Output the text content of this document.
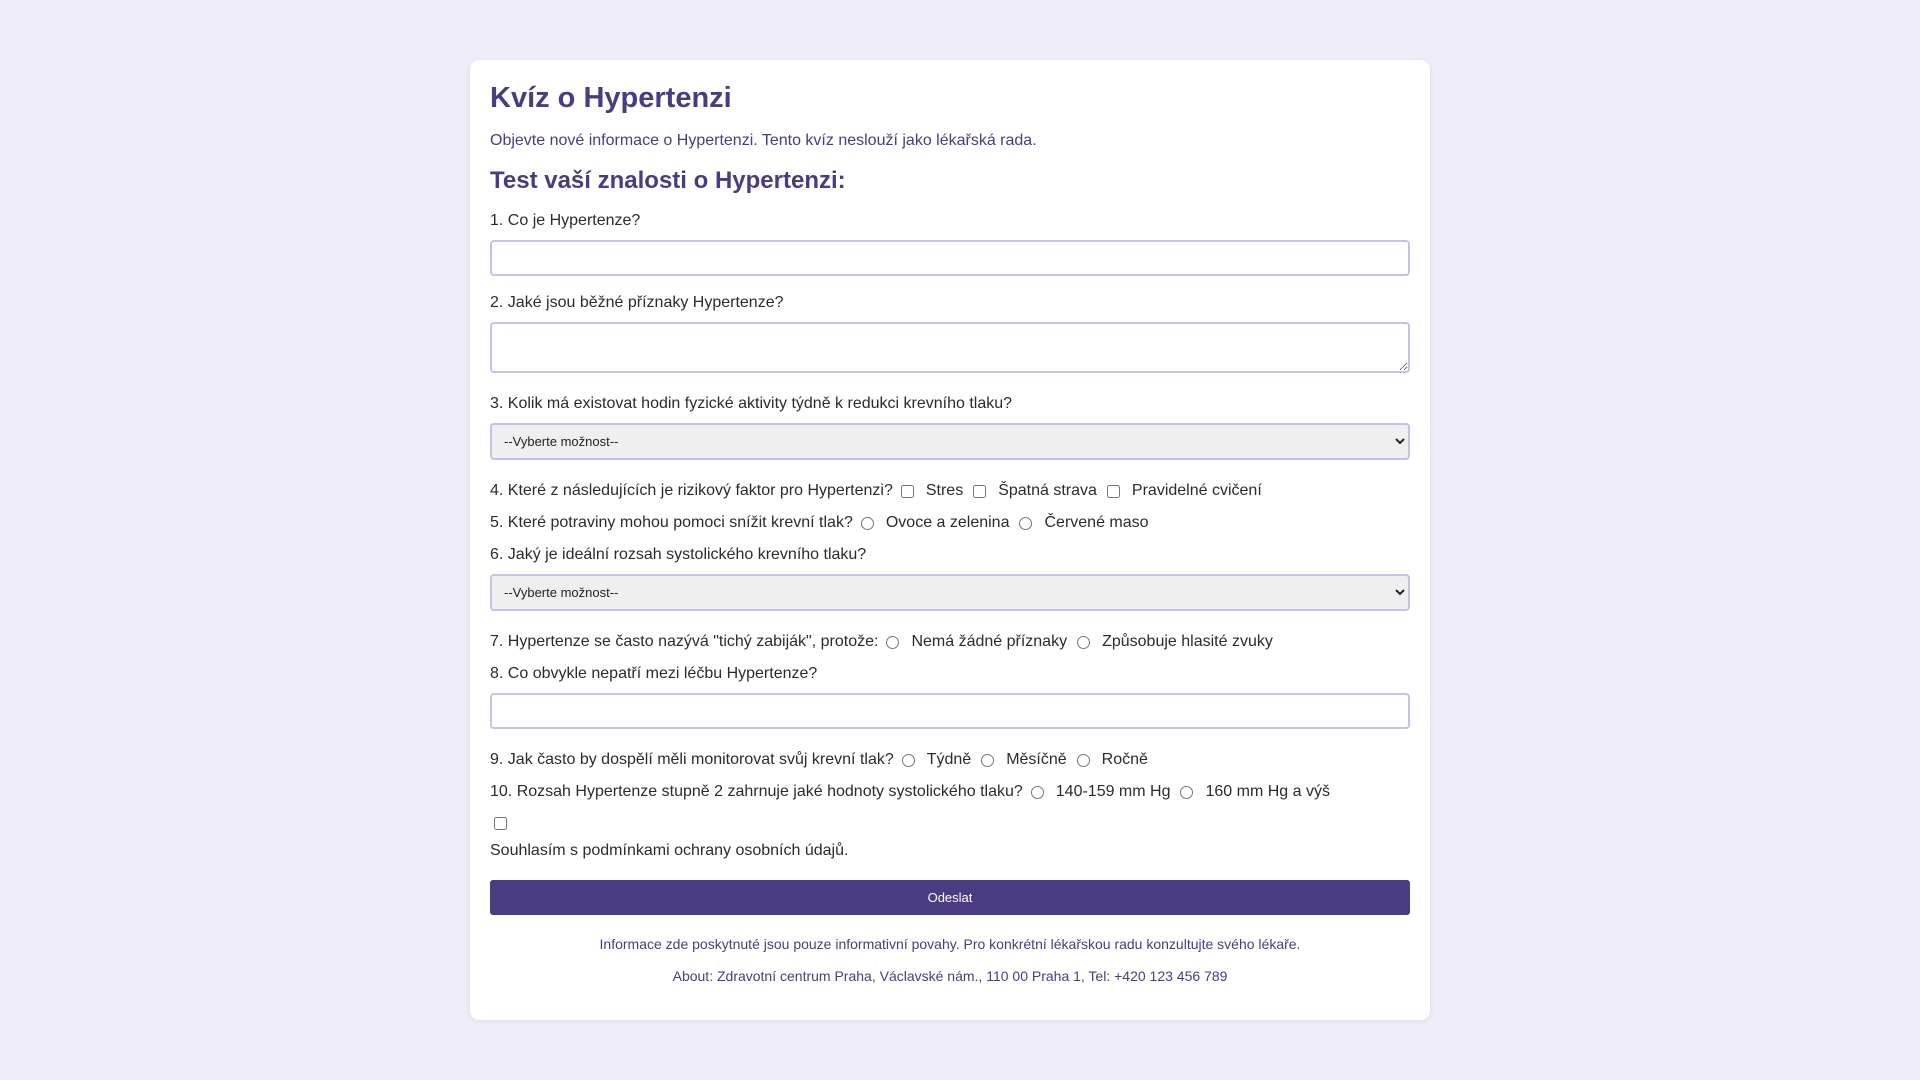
Kvíz o Hypertenzi

Objevte nové informace o Hypertenzi. Tento kvíz neslouží jako lékařská rada.

Test vaší znalosti o Hypertenzi:
1. Co je Hypertenze?
2. Jaké jsou běžné příznaky Hypertenze?
3. Kolik má existovat hodin fyzické aktivity týdně k redukci krevního tlaku?
--Vyberte možnost--
4. Které z následujících je rizikový faktor pro Hypertenzi? Stres Špatná strava Pravidelné cvičení
5. Které potraviny mohou pomoci snížit krevní tlak? Ovoce a zelenina Červené maso
6. Jaký je ideální rozsah systolického krevního tlaku?
--Vyberte možnost--
7. Hypertenze se často nazývá "tichý zabiják", protože: Nemá žádné příznaky Způsobuje hlasité zvuky
8. Co obvykle nepatří mezi léčbu Hypertenze?
9. Jak často by dospělí měli monitorovat svůj krevní tlak? Týdně Měsíčně Ročně
10. Rozsah Hypertenze stupně 2 zahrnuje jaké hodnoty systolického tlaku? 140-159 mm Hg 160 mm Hg a výš
Souhlasím s podmínkami ochrany osobních údajů.
Odeslat
Informace zde poskytnuté jsou pouze informativní povahy. Pro konkrétní lékařskou radu konzultujte svého lékaře.
About: Zdravotní centrum Praha, Václavské nám., 110 00 Praha 1, Tel: +420 123 456 789
